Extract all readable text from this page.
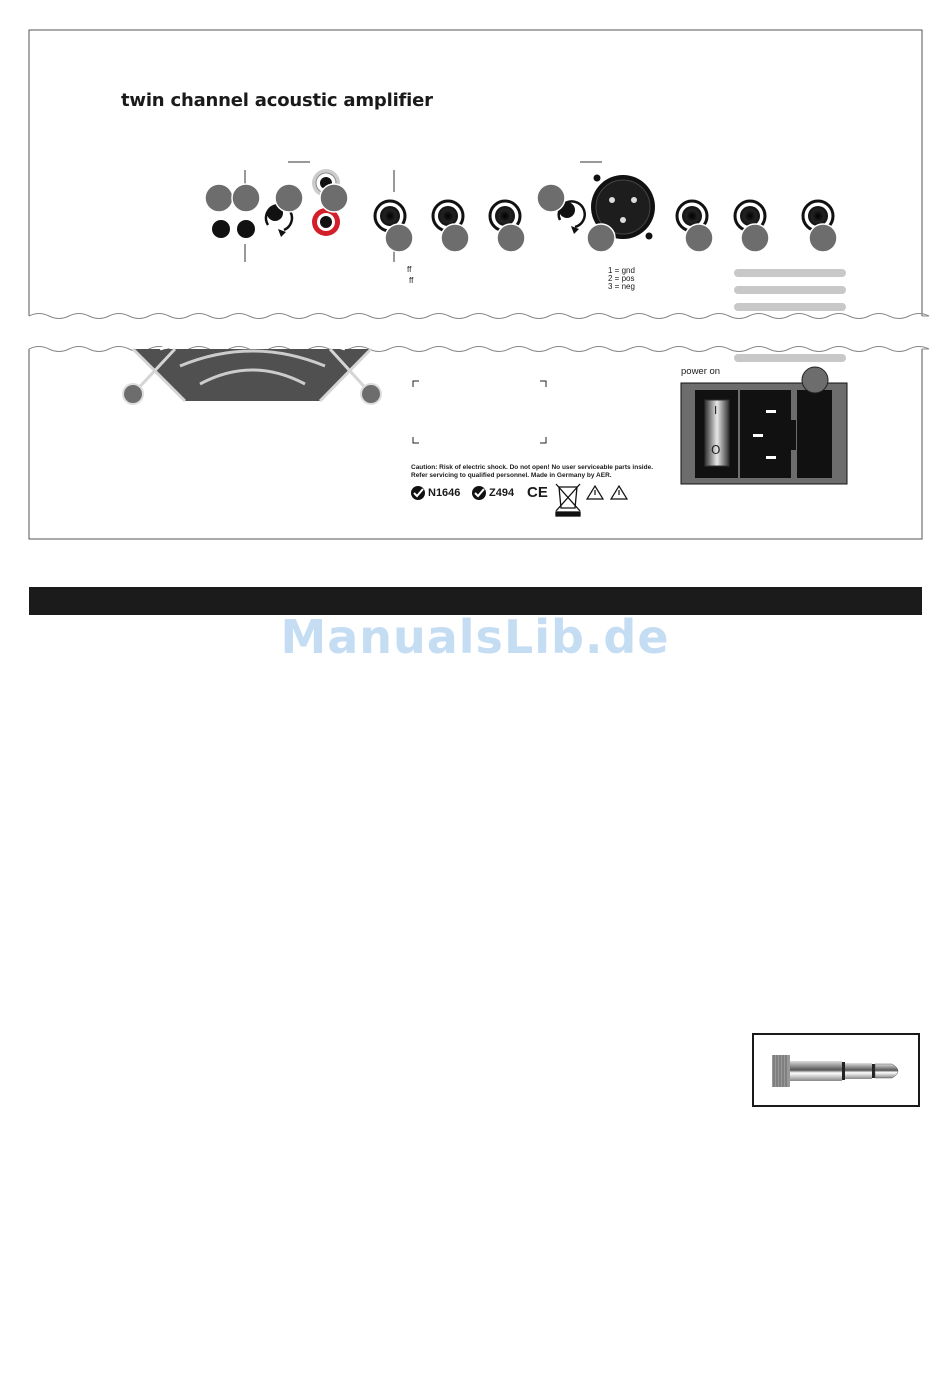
twin channel acoustic amplifier
ff
ff
1 = gnd
2 = pos
3 = neg
Caution: Risk of electric shock. Do not open! No user serviceable parts inside. Refer servicing to qualified personnel. Made in Germany by AER.
N1646	Z494 CE
power on
I
O
ManualsLib.de
